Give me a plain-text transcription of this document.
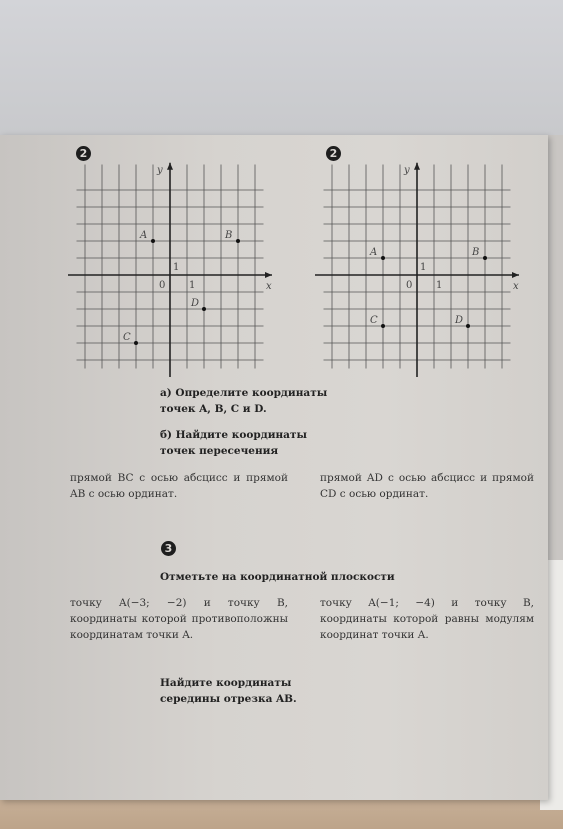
2	2
x
y
0 1
1
A	B
C
D
x
y
0 1
1
A	B
C	D
а) Определите координаты
точек A, B, C и D.
б) Найдите координаты
точек пересечения
прямой BC с осью абсцисс и прямой AB с осью ординат.
прямой AD с осью абсцисс и прямой CD с осью ординат.
3
Отметьте на координатной плоскости
точку A(−3; −2) и точку B, координаты которой противоположны координатам точки A.
точку A(−1; −4) и точку B, координаты которой равны модулям координат точки A.
Найдите координаты
середины отрезка AB.
